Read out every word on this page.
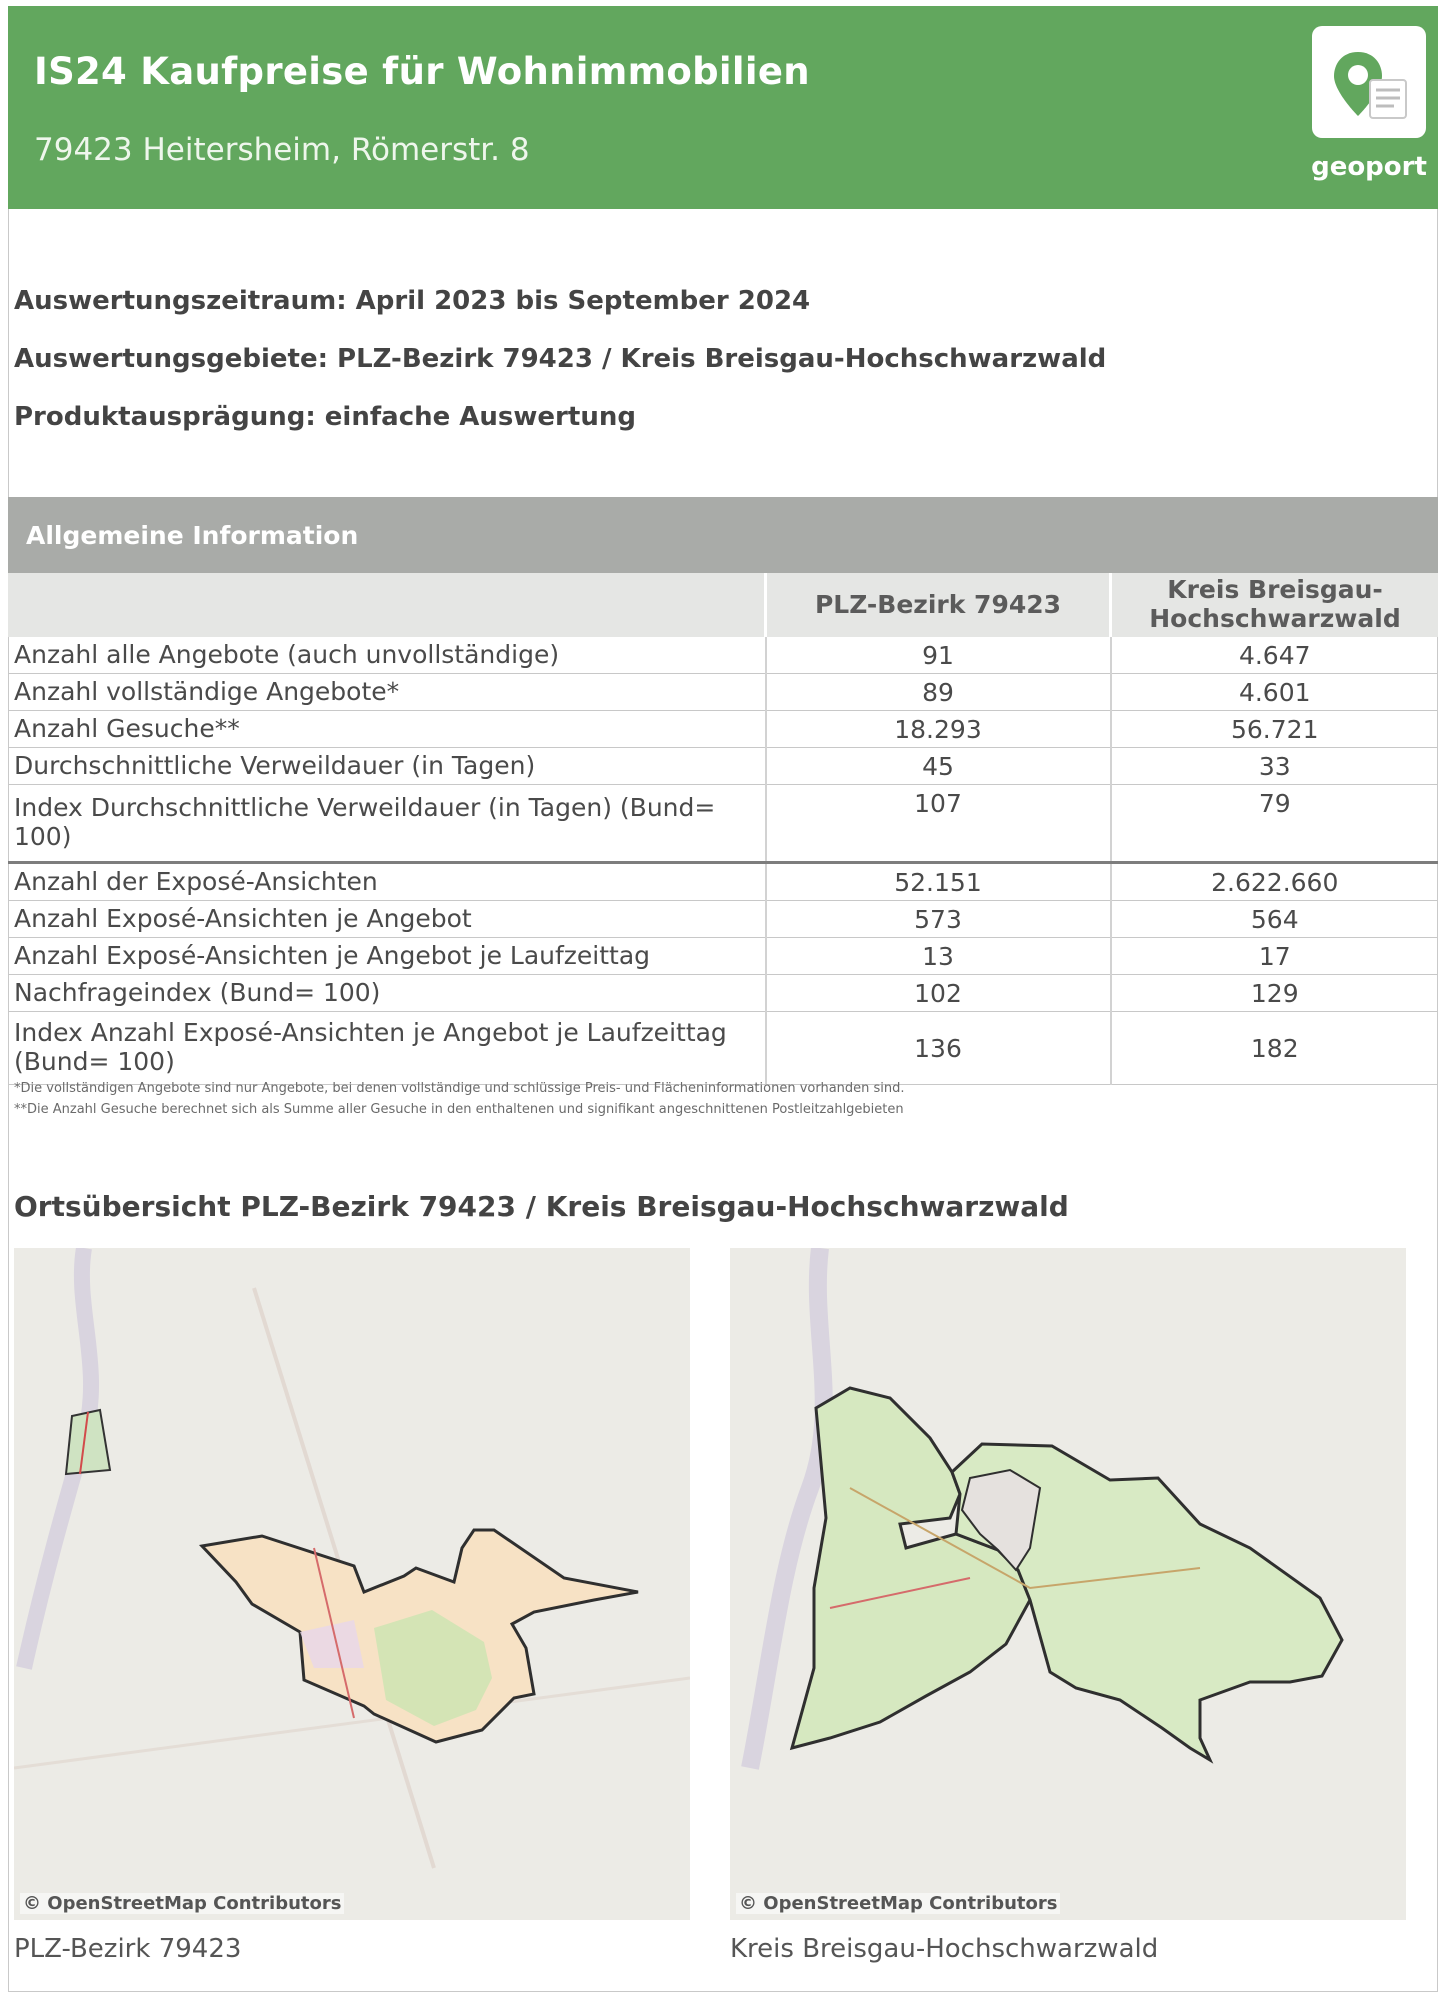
IS24 Kaufpreise für Wohnimmobilien
79423 Heitersheim, Römerstr. 8	geoport
Auswertungszeitraum: April 2023 bis September 2024
Auswertungsgebiete: PLZ-Bezirk 79423 / Kreis Breisgau-Hochschwarzwald
Produktausprägung: einfache Auswertung
Allgemeine Information
	PLZ-Bezirk 79423	Kreis Breisgau-Hochschwarzwald

Anzahl alle Angebote (auch unvollständige)	91	4.647
Anzahl vollständige Angebote*	89	4.601
Anzahl Gesuche**	18.293	56.721
Durchschnittliche Verweildauer (in Tagen)	45	33
Index Durchschnittliche Verweildauer (in Tagen) (Bund= 100)	107	79
Anzahl der Exposé-Ansichten	52.151	2.622.660
Anzahl Exposé-Ansichten je Angebot	573	564
Anzahl Exposé-Ansichten je Angebot je Laufzeittag	13	17
Nachfrageindex (Bund= 100)	102	129
Index Anzahl Exposé-Ansichten je Angebot je Laufzeittag (Bund= 100)	136	182
*Die vollständigen Angebote sind nur Angebote, bei denen vollständige und schlüssige Preis- und Flächeninformationen vorhanden sind.
**Die Anzahl Gesuche berechnet sich als Summe aller Gesuche in den enthaltenen und signifikant angeschnittenen Postleitzahlgebieten
Ortsübersicht PLZ-Bezirk 79423 / Kreis Breisgau-Hochschwarzwald
© OpenStreetMap Contributors	© OpenStreetMap Contributors
PLZ-Bezirk 79423	Kreis Breisgau-Hochschwarzwald
